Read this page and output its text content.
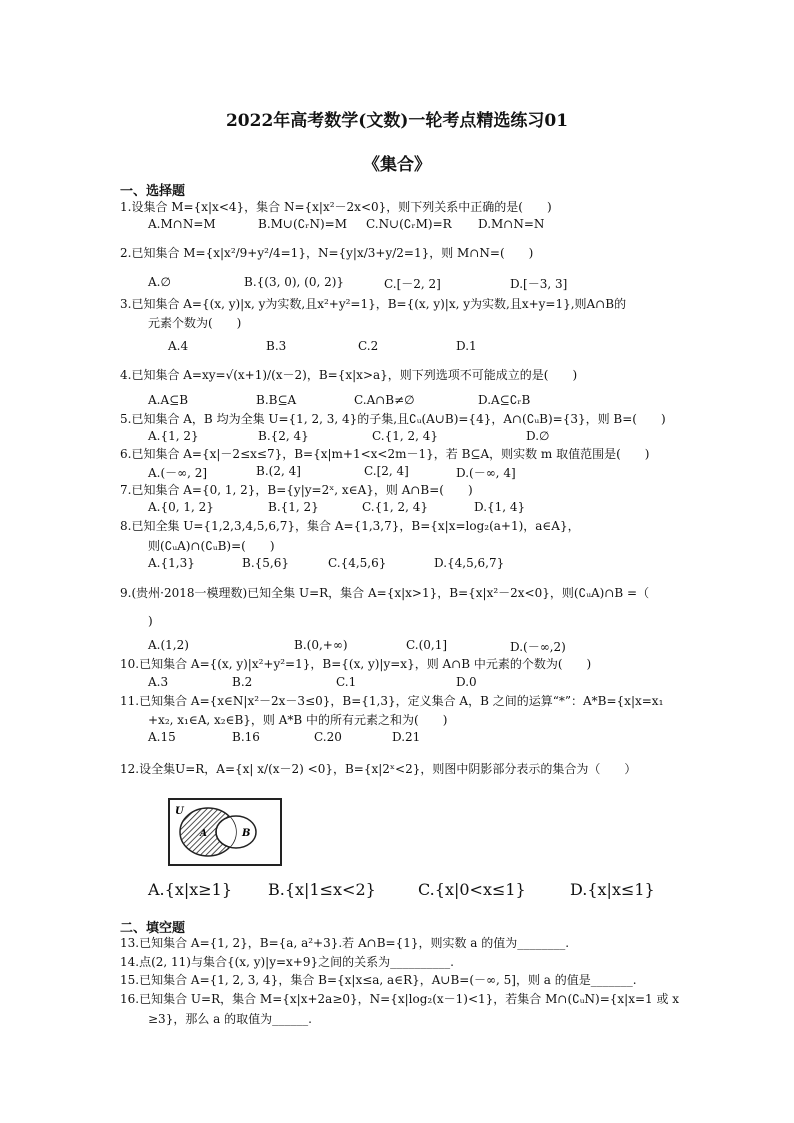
2022年高考数学(文数)一轮考点精选练习01
《集合》
一、选择题
1.设集合 M={x|x<4}，集合 N={x|x²－2x<0}，则下列关系中正确的是(　　)
A.M∩N=M	B.M∪(∁ᵣN)=M C.N∪(∁ᵣM)=R D.M∩N=N
2.已知集合 M={x|x²/9+y²/4=1}，N={y|x/3+y/2=1}，则 M∩N=(　　)
A.∅	B.{(3, 0), (0, 2)}	C.[－2, 2]	D.[－3, 3]
3.已知集合 A={(x, y)|x, y为实数,且x²+y²=1}，B={(x, y)|x, y为实数,且x+y=1},则A∩B的
元素个数为(　　)
A.4	B.3	C.2	D.1
4.已知集合 A=xy=√(x+1)/(x－2)，B={x|x>a}，则下列选项不可能成立的是(　　)
A.A⊆B	B.B⊆A	C.A∩B≠∅	D.A⊆∁ᵣB
5.已知集合 A，B 均为全集 U={1, 2, 3, 4}的子集,且∁ᵤ(A∪B)={4}，A∩(∁ᵤB)={3}，则 B=(　　)
A.{1, 2}	B.{2, 4}	C.{1, 2, 4}	D.∅
6.已知集合 A={x|－2≤x≤7}，B={x|m+1<x<2m－1}，若 B⊆A，则实数 m 取值范围是(　　)
A.(－∞, 2]	B.(2, 4]	C.[2, 4]	D.(－∞, 4]
7.已知集合 A={0, 1, 2}，B={y|y=2ˣ, x∈A}，则 A∩B=(　　)
A.{0, 1, 2}	B.{1, 2}	C.{1, 2, 4}	D.{1, 4}
8.已知全集 U={1,2,3,4,5,6,7}，集合 A={1,3,7}，B={x|x=log₂(a+1)，a∈A}，
则(∁ᵤA)∩(∁ᵤB)=(　　)
A.{1,3}	B.{5,6}	C.{4,5,6}	D.{4,5,6,7}
9.(贵州·2018一模理数)已知全集 U=R，集合 A={x|x>1}，B={x|x²－2x<0}，则(∁ᵤA)∩B =（
)
A.(1,2)	B.(0,+∞)	C.(0,1]	D.(－∞,2)
10.已知集合 A={(x, y)|x²+y²=1}，B={(x, y)|y=x}，则 A∩B 中元素的个数为(　　)
A.3	B.2	C.1	D.0
11.已知集合 A={x∈N|x²－2x－3≤0}，B={1,3}，定义集合 A，B 之间的运算“*”：A*B={x|x=x₁
+x₂, x₁∈A, x₂∈B}，则 A*B 中的所有元素之和为(　　)
A.15	B.16	C.20	D.21
12.设全集U=R，A={x| x/(x－2) <0}，B={x|2ˣ<2}，则图中阴影部分表示的集合为（　　）
U
A	B
A.{x|x≥1} B.{x|1≤x<2}	C.{x|0<x≤1}	D.{x|x≤1}
二、填空题
13.已知集合 A={1, 2}，B={a, a²+3}.若 A∩B={1}，则实数 a 的值为________.
14.点(2, 11)与集合{(x, y)|y=x+9}之间的关系为__________.
15.已知集合 A={1, 2, 3, 4}，集合 B={x|x≤a, a∈R}，A∪B=(－∞, 5]，则 a 的值是_______.
16.已知集合 U=R，集合 M={x|x+2a≥0}，N={x|log₂(x－1)<1}，若集合 M∩(∁ᵤN)={x|x=1 或 x
≥3}，那么 a 的取值为______.
